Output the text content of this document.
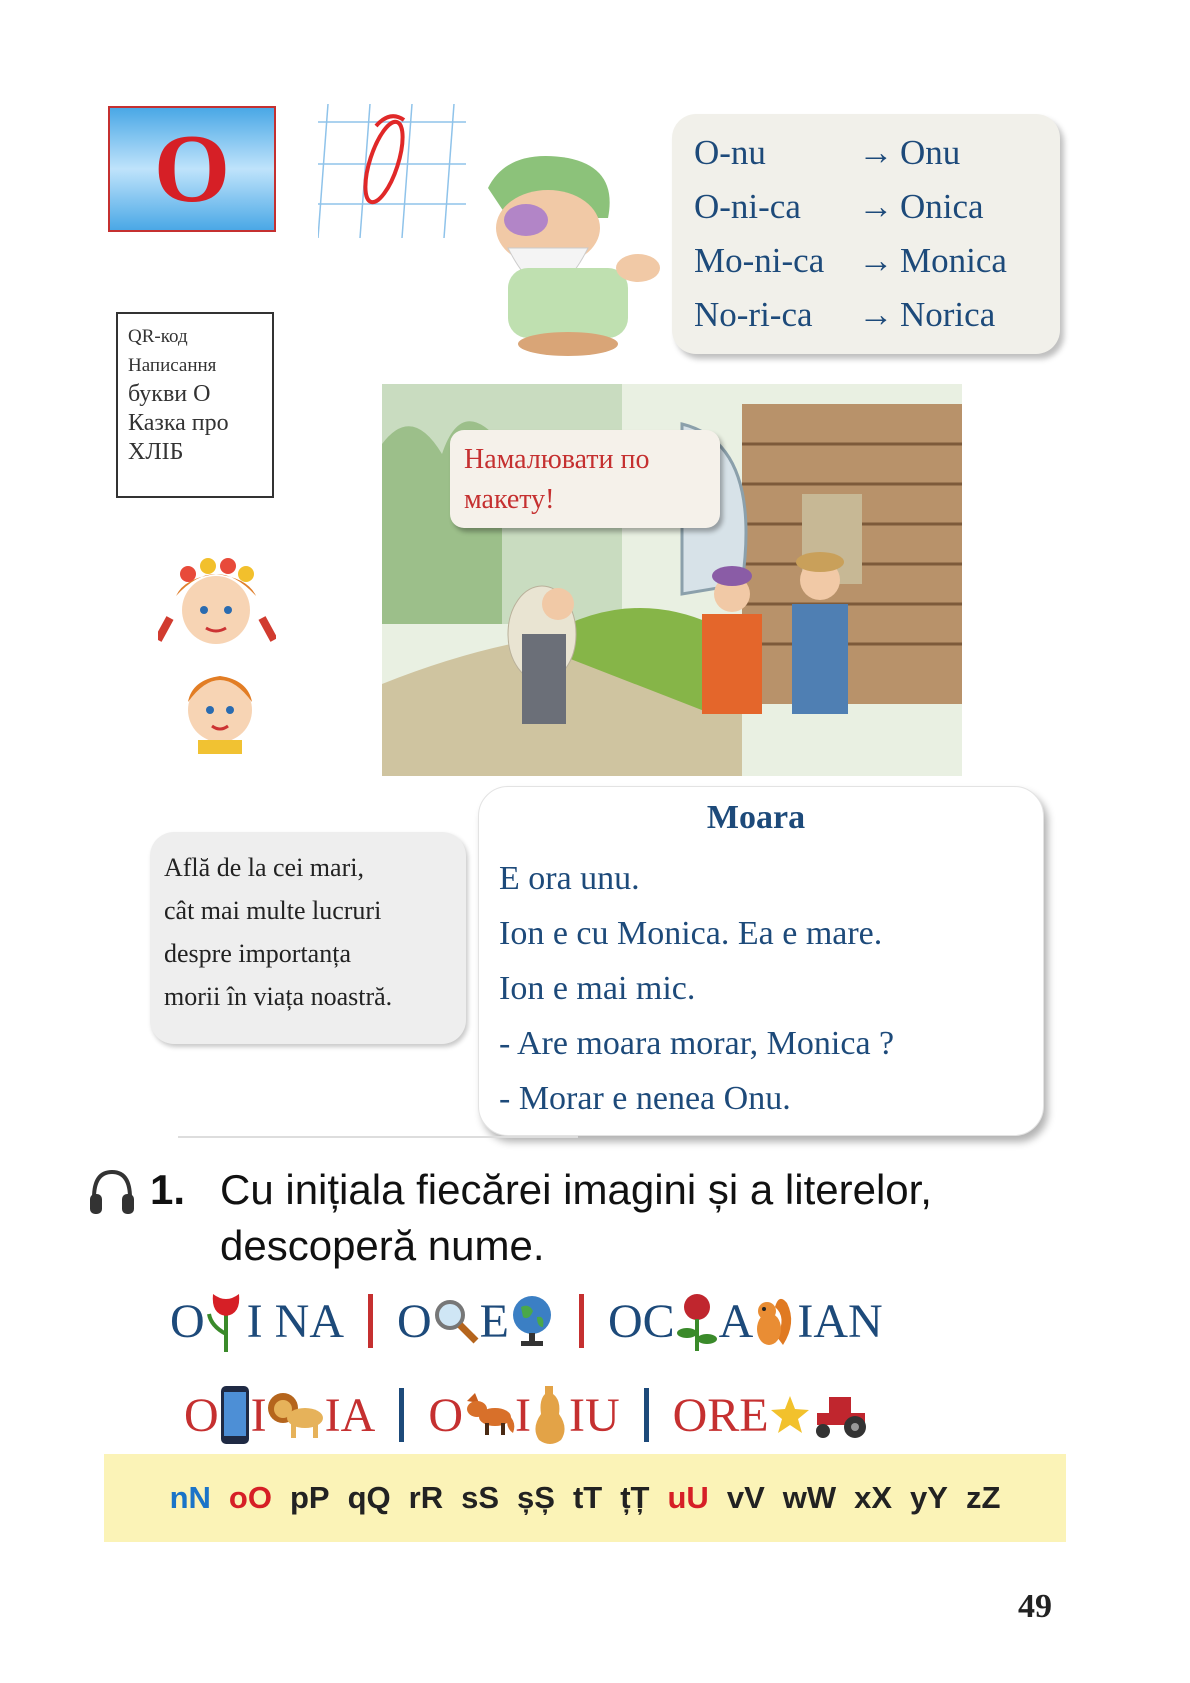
O	O-nu	→ Onu
O-ni-ca	→ Onica
Mo-ni-ca → Monica
No-ri-ca	→ Norica
QR-код
Написання
букви О
Казка про
ХЛІБ	Намалювати по макету!
Află de la cei mari,
cât mai multe lucruri
despre importanța
morii în viața noastră.
Moara
E ora unu.
Ion e cu Monica. Ea e mare.
Ion e mai mic.
- Are moara morar, Monica ?
- Morar e nenea Onu.
1. Cu inițiala fiecărei imagini și a literelor, descoperă nume.
O I NA O E OC A IAN
O I IA O I IU ORE
nN oO pP qQ rR sS șȘ tT țȚ uU vV wW xX yY zZ
49
